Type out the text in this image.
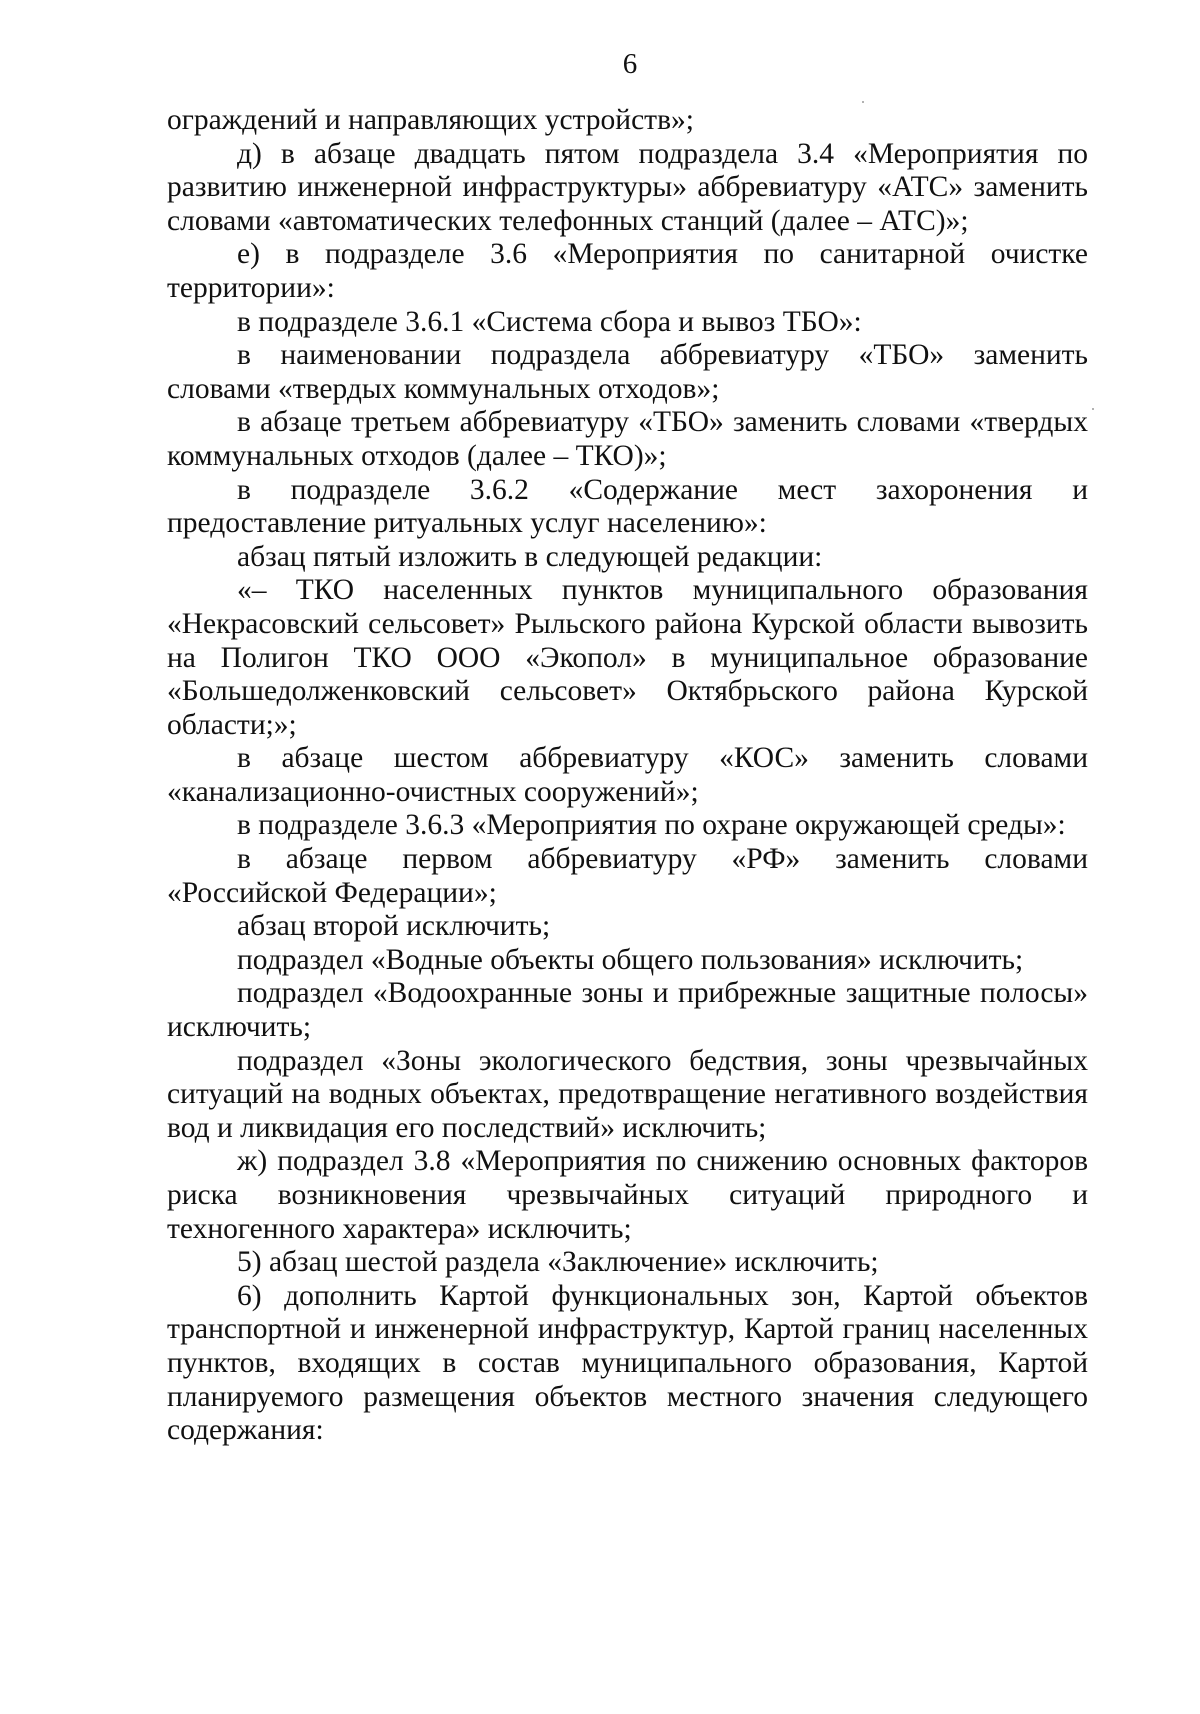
6

ограждений и направляющих устройств»;

д) в абзаце двадцать пятом подраздела 3.4 «Мероприятия по развитию инженерной инфраструктуры» аббревиатуру «АТС» заменить словами «автоматических телефонных станций (далее – АТС)»;

е) в подразделе 3.6 «Мероприятия по санитарной очистке территории»:

в подразделе 3.6.1 «Система сбора и вывоз ТБО»:

в наименовании подраздела аббревиатуру «ТБО» заменить словами «твердых коммунальных отходов»;

в абзаце третьем аббревиатуру «ТБО» заменить словами «твердых коммунальных отходов (далее – ТКО)»;

в подразделе 3.6.2 «Содержание мест захоронения и предоставление ритуальных услуг населению»:

абзац пятый изложить в следующей редакции:

«– ТКО населенных пунктов муниципального образования «Некрасовский сельсовет» Рыльского района Курской области вывозить на Полигон ТКО ООО «Экопол» в муниципальное образование «Большедолженковский сельсовет» Октябрьского района Курской области;»;

в абзаце шестом аббревиатуру «КОС» заменить словами «канализационно-очистных сооружений»;

в подразделе 3.6.3 «Мероприятия по охране окружающей среды»:

в абзаце первом аббревиатуру «РФ» заменить словами «Российской Федерации»;

абзац второй исключить;

подраздел «Водные объекты общего пользования» исключить;

подраздел «Водоохранные зоны и прибрежные защитные полосы» исключить;

подраздел «Зоны экологического бедствия, зоны чрезвычайных ситуаций на водных объектах, предотвращение негативного воздействия вод и ликвидация его последствий» исключить;

ж) подраздел 3.8 «Мероприятия по снижению основных факторов риска возникновения чрезвычайных ситуаций природного и техногенного характера» исключить;

5) абзац шестой раздела «Заключение» исключить;

6) дополнить Картой функциональных зон, Картой объектов транспортной и инженерной инфраструктур, Картой границ населенных пунктов, входящих в состав муниципального образования, Картой планируемого размещения объектов местного значения следующего содержания:
